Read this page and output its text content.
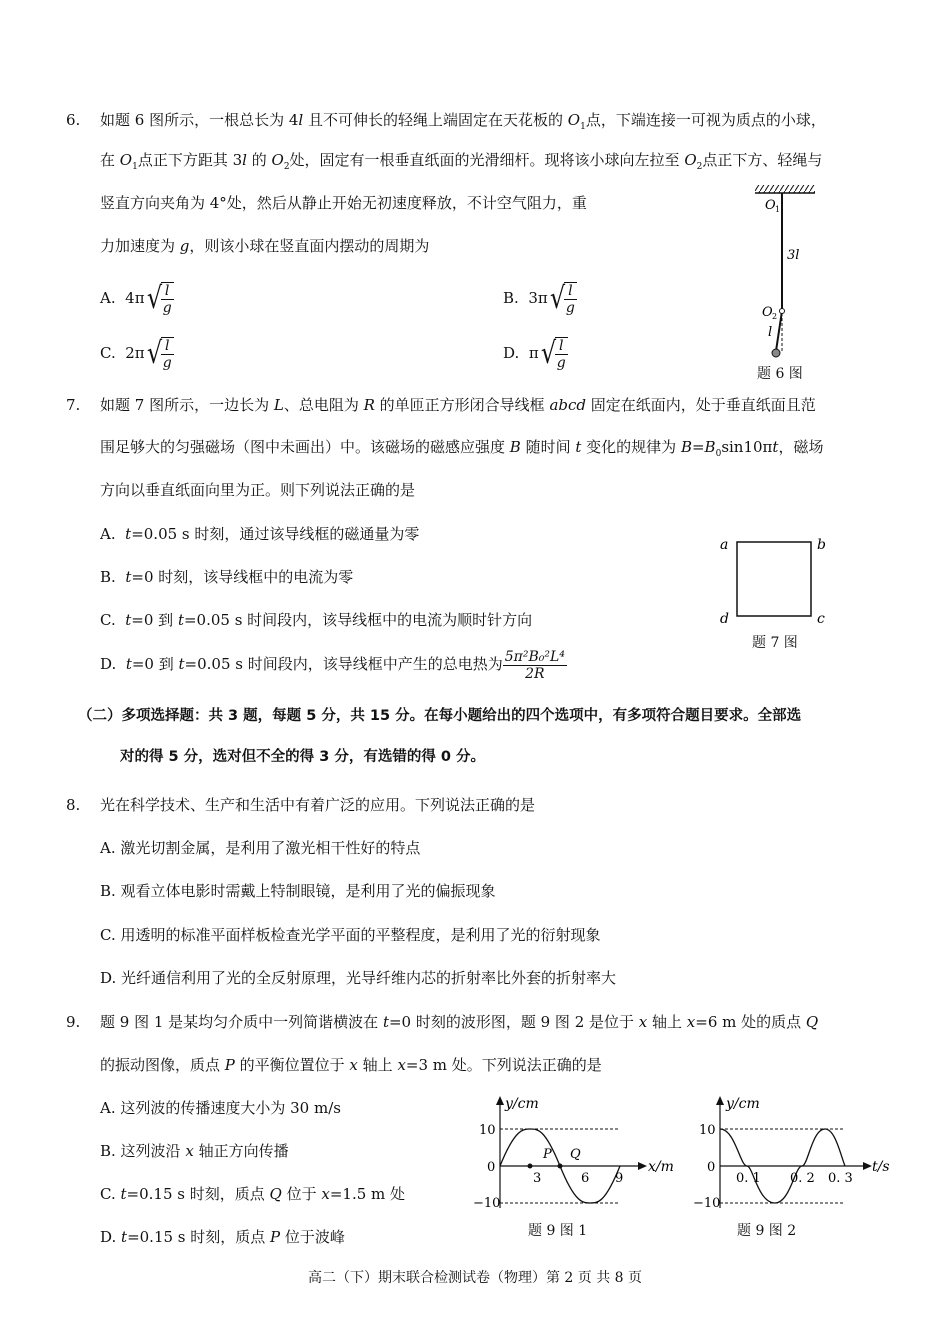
6. 如题 6 图所示，一根总长为 4l 且不可伸长的轻绳上端固定在天花板的 $O_1$点，下端连接一可视为质点的小球，
在 $O_1$点正下方距其 3l 的 $O_2$处，固定有一根垂直纸面的光滑细杆。现将该小球向左拉至 $O_2$点正下方、轻绳与
竖直方向夹角为 4°处，然后从静止开始无初速度释放，不计空气阻力，重
力加速度为 g，则该小球在竖直面内摆动的周期为
A. 4π √
$\frac{l}{g}$	B. 3π √
$\frac{l}{g}$
C. 2π √
$\frac{l}{g}$	D. π √
$\frac{l}{g}$
O 1
3l
O 2
l
题 6 图
7. 如题 7 图所示，一边长为 L、总电阻为 R 的单匝正方形闭合导线框 abcd 固定在纸面内，处于垂直纸面且范
围足够大的匀强磁场（图中未画出）中。该磁场的磁感应强度 B 随时间 t 变化的规律为 $B=B_0\sin 10\pi t$，磁场
方向以垂直纸面向里为正。则下列说法正确的是
A. t=0.05 s 时刻，通过该导线框的磁通量为零
B. t=0 时刻，该导线框中的电流为零
C. t=0 到 t=0.05 s 时间段内，该导线框中的电流为顺时针方向
D. t=0 到 t=0.05 s 时间段内，该导线框中产生的总电热为 $\frac{\text{5π²B₀²L⁴}}{2R}$
a	b
c
d
题 7 图
（二）多项选择题：共 3 题，每题 5 分，共 15 分。在每小题给出的四个选项中，有多项符合题目要求。全部选
对的得 5 分，选对但不全的得 3 分，有选错的得 0 分。
8. 光在科学技术、生产和生活中有着广泛的应用。下列说法正确的是
A. 激光切割金属，是利用了激光相干性好的特点
B. 观看立体电影时需戴上特制眼镜，是利用了光的偏振现象
C. 用透明的标准平面样板检查光学平面的平整程度，是利用了光的衍射现象
D. 光纤通信利用了光的全反射原理，光导纤维内芯的折射率比外套的折射率大
9. 题 9 图 1 是某均匀介质中一列简谐横波在 t=0 时刻的波形图，题 9 图 2 是位于 x 轴上 x=6 m 处的质点 Q
的振动图像，质点 P 的平衡位置位于 x 轴上 x=3 m 处。下列说法正确的是
A. 这列波的传播速度大小为 30 m/s
B. 这列波沿 x 轴正方向传播
C. t=0.15 s 时刻，质点 Q 位于 x=1.5 m 处
D. t=0.15 s 时刻，质点 P 位于波峰
y/cm
x/m
10
0
−10
3	6 9
P Q
题 9 图 1
y/cm
t/s
10
0
−10
0. 1 0. 2 0. 3
题 9 图 2
高二（下）期末联合检测试卷（物理）第 2 页 共 8 页
